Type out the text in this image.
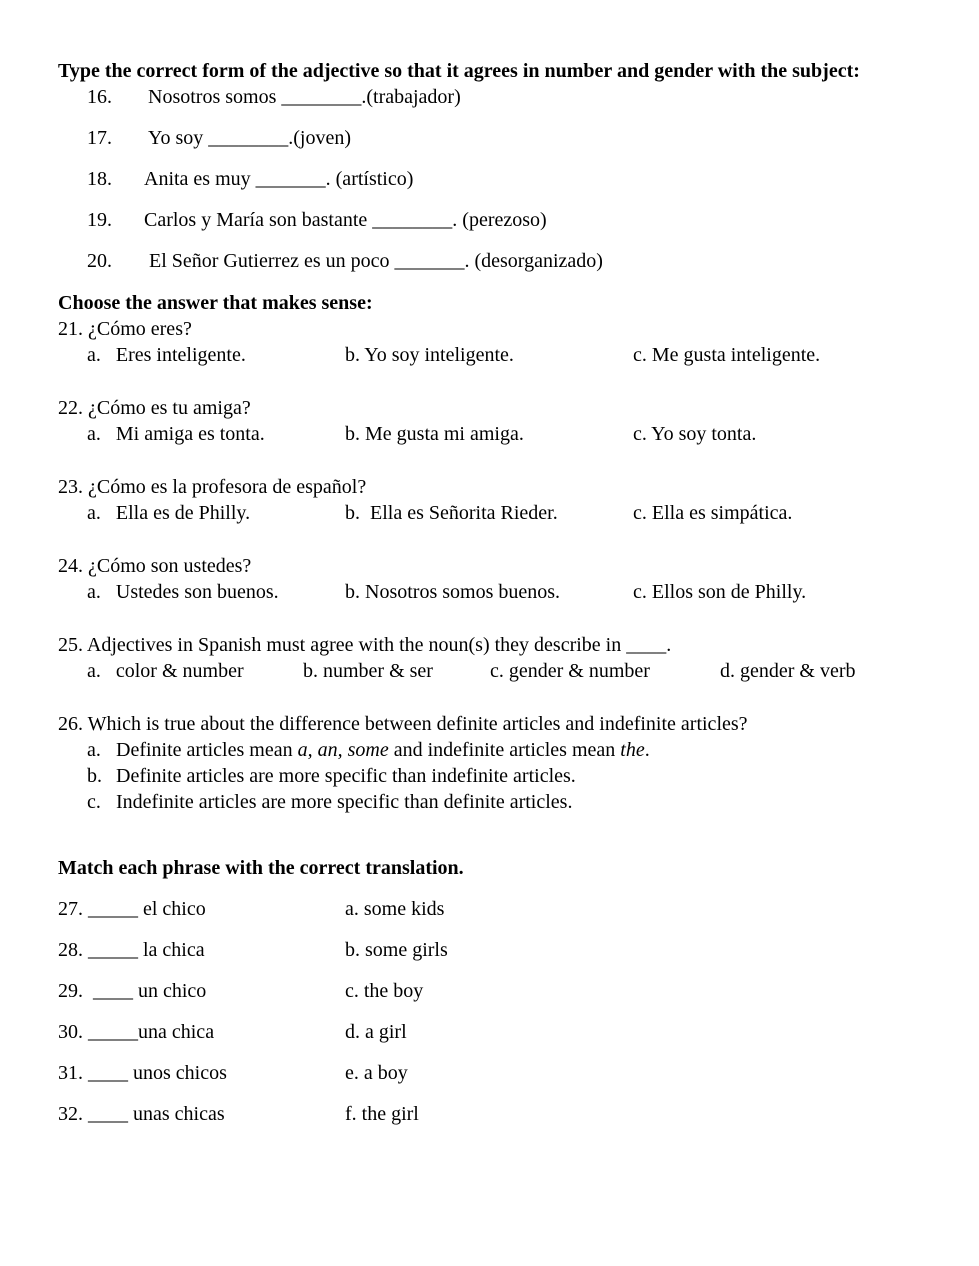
Type the correct form of the adjective so that it agrees in number and gender with the subject:

16. Nosotros somos ________.(trabajador)
17. Yo soy ________.(joven)
18. Anita es muy _______. (artístico)
19. Carlos y María son bastante ________. (perezoso)
20. El Señor Gutierrez es un poco _______. (desorganizado)

Choose the answer that makes sense:

21. ¿Cómo eres?
a.   Eres inteligente.	b. Yo soy inteligente.	c. Me gusta inteligente.
22. ¿Cómo es tu amiga?
a.   Mi amiga es tonta.	b. Me gusta mi amiga.	c. Yo soy tonta.
23. ¿Cómo es la profesora de español?
a.   Ella es de Philly.	b.  Ella es Señorita Rieder.	c. Ella es simpática.
24. ¿Cómo son ustedes?
a.   Ustedes son buenos.	b. Nosotros somos buenos.	c. Ellos son de Philly.
25. Adjectives in Spanish must agree with the noun(s) they describe in ____.
a.   color & number	b. number & ser	c. gender & number	d. gender & verb
26. Which is true about the difference between definite articles and indefinite articles?
a. Definite articles mean a, an, some and indefinite articles mean the.
b. Definite articles are more specific than indefinite articles.
c. Indefinite articles are more specific than definite articles.

Match each phrase with the correct translation.

27. _____ el chico	a. some kids
28. _____ la chica	b. some girls
29.  ____ un chico	c. the boy
30. _____una chica	d. a girl
31. ____ unos chicos	e. a boy
32. ____ unas chicas	f. the girl
